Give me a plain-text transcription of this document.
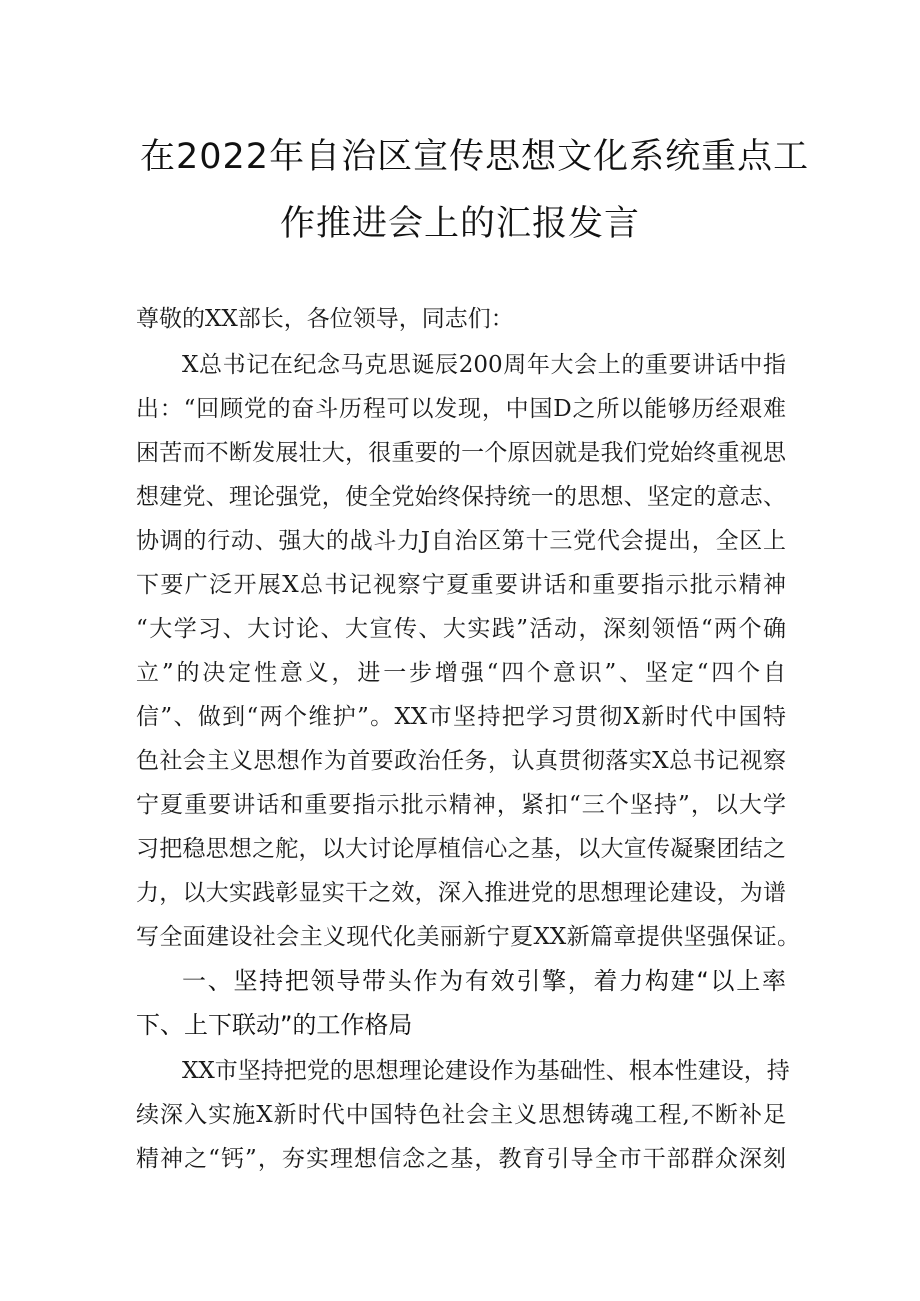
在2022年自治区宣传思想文化系统重点工
作推进会上的汇报发言
尊敬的XX部长，各位领导，同志们：
X总书记在纪念马克思诞辰200周年大会上的重要讲话中指
出：“回顾党的奋斗历程可以发现，中国D之所以能够历经艰难
困苦而不断发展壮大，很重要的一个原因就是我们党始终重视思
想建党、理论强党，使全党始终保持统一的思想、坚定的意志、
协调的行动、强大的战斗力J自治区第十三党代会提出，全区上
下要广泛开展X总书记视察宁夏重要讲话和重要指示批示精神
“大学习、大讨论、大宣传、大实践”活动，深刻领悟“两个确
立”的决定性意义，进一步增强“四个意识”、坚定“四个自
信”、做到“两个维护”。XX市坚持把学习贯彻X新时代中国特
色社会主义思想作为首要政治任务，认真贯彻落实X总书记视察
宁夏重要讲话和重要指示批示精神，紧扣“三个坚持”，以大学
习把稳思想之舵，以大讨论厚植信心之基，以大宣传凝聚团结之
力，以大实践彰显实干之效，深入推进党的思想理论建设，为谱
写全面建设社会主义现代化美丽新宁夏XX新篇章提供坚强保证。
一、坚持把领导带头作为有效引擎，着力构建“以上率
下、上下联动”的工作格局
XX市坚持把党的思想理论建设作为基础性、根本性建设，持
续深入实施X新时代中国特色社会主义思想铸魂工程,不断补足
精神之“钙”，夯实理想信念之基，教育引导全市干部群众深刻
